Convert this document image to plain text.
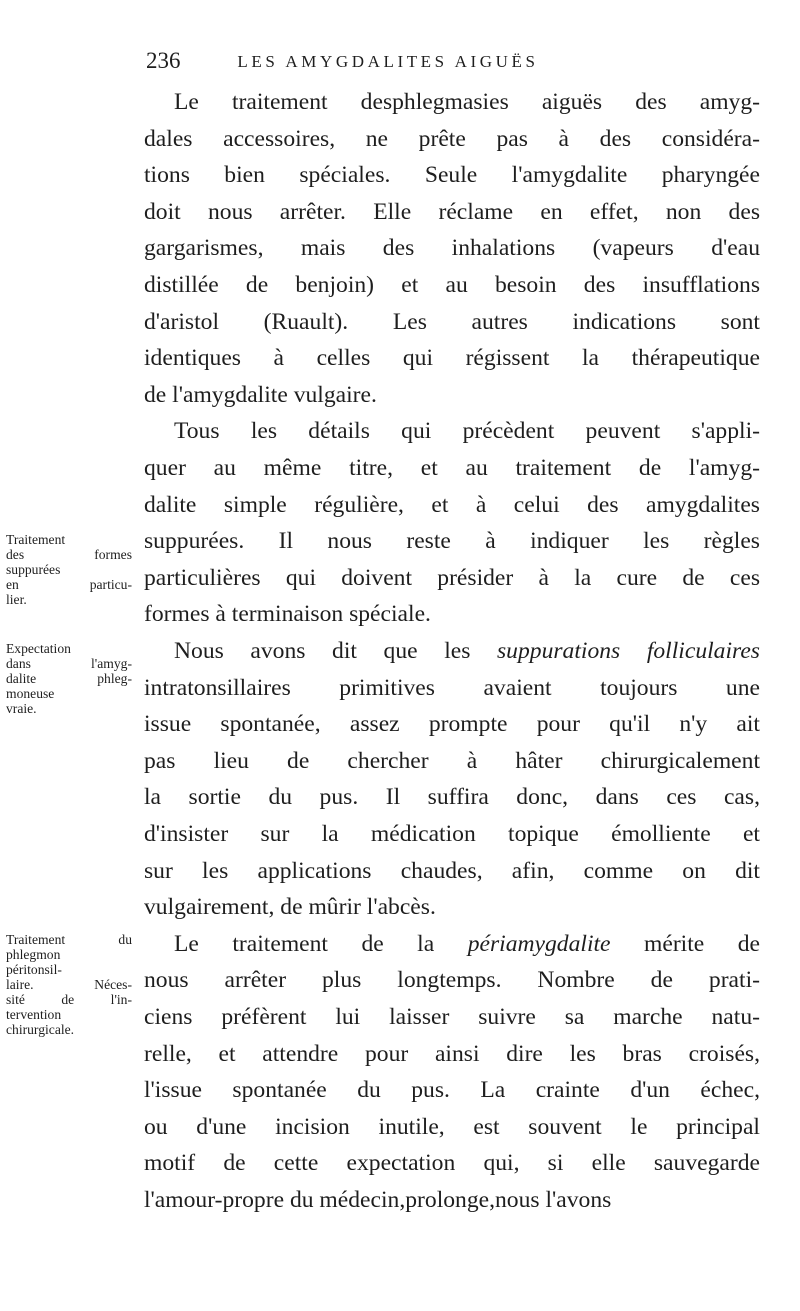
236	LES AMYGDALITES AIGUËS
Le traitement desphlegmasies aiguës des amyg-
dales accessoires, ne prête pas à des considéra-
tions bien spéciales. Seule l'amygdalite pharyngée
doit nous arrêter. Elle réclame en effet, non des
gargarismes, mais des inhalations (vapeurs d'eau
distillée de benjoin) et au besoin des insufflations
d'aristol (Ruault). Les autres indications sont
identiques à celles qui régissent la thérapeutique
de l'amygdalite vulgaire.
Tous les détails qui précèdent peuvent s'appli-
quer au même titre, et au traitement de l'amyg-
dalite simple régulière, et à celui des amygdalites
suppurées. Il nous reste à indiquer les règles
particulières qui doivent présider à la cure de ces
formes à terminaison spéciale.
Nous avons dit que les suppurations folliculaires
intratonsillaires primitives avaient toujours une
issue spontanée, assez prompte pour qu'il n'y ait
pas lieu de chercher à hâter chirurgicalement
la sortie du pus. Il suffira donc, dans ces cas,
d'insister sur la médication topique émolliente et
sur les applications chaudes, afin, comme on dit
vulgairement, de mûrir l'abcès.
Le traitement de la périamygdalite mérite de
nous arrêter plus longtemps. Nombre de prati-
ciens préfèrent lui laisser suivre sa marche natu-
relle, et attendre pour ainsi dire les bras croisés,
l'issue spontanée du pus. La crainte d'un échec,
ou d'une incision inutile, est souvent le principal
motif de cette expectation qui, si elle sauvegarde
l'amour-propre du médecin,prolonge,nous l'avons
Traitement
des formes
suppurées
en particu-
lier.
Expectation
dans l'amyg-
dalite phleg-
moneuse
vraie.
Traitement du
phlegmon
péritonsil-
laire. Néces-
sité de l'in-
tervention
chirurgicale.
